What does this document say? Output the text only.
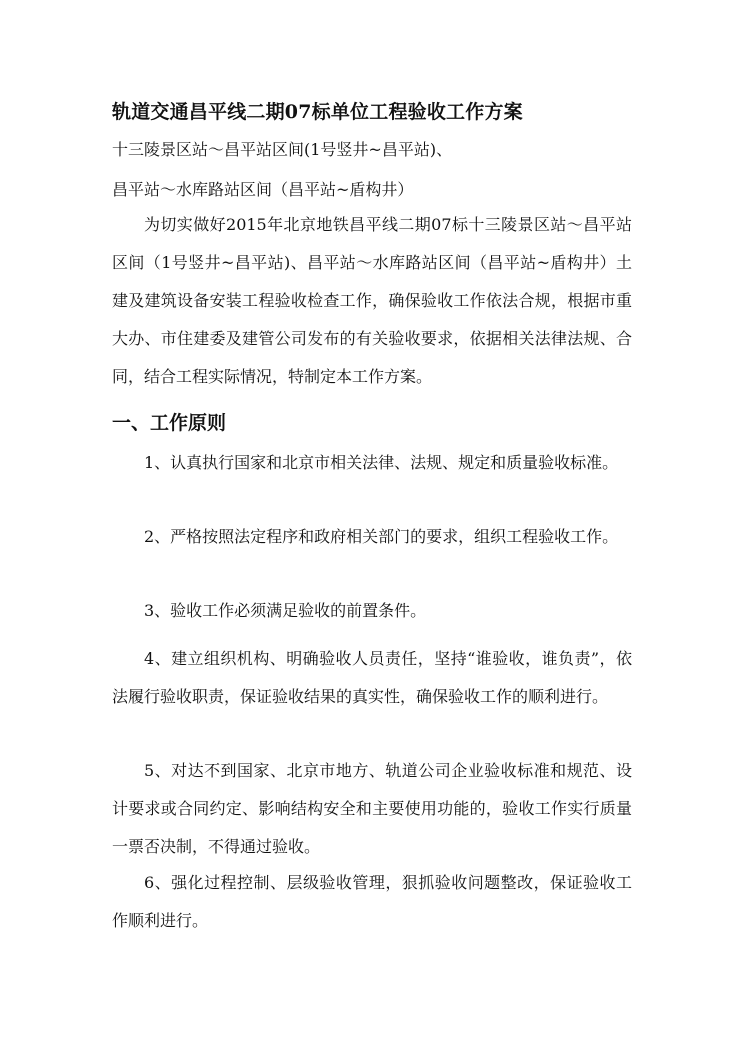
轨道交通昌平线二期07标单位工程验收工作方案
十三陵景区站～昌平站区间(1号竖井~昌平站)、
昌平站～水库路站区间（昌平站~盾构井）
为切实做好2015年北京地铁昌平线二期07标十三陵景区站～昌平站区间（1号竖井~昌平站)、昌平站～水库路站区间（昌平站~盾构井）土建及建筑设备安装工程验收检查工作，确保验收工作依法合规，根据市重大办、市住建委及建管公司发布的有关验收要求，依据相关法律法规、合同，结合工程实际情况，特制定本工作方案。
一、工作原则
1、认真执行国家和北京市相关法律、法规、规定和质量验收标准。
2、严格按照法定程序和政府相关部门的要求，组织工程验收工作。
3、验收工作必须满足验收的前置条件。
4、建立组织机构、明确验收人员责任，坚持“谁验收，谁负责”，依法履行验收职责，保证验收结果的真实性，确保验收工作的顺利进行。
5、对达不到国家、北京市地方、轨道公司企业验收标准和规范、设计要求或合同约定、影响结构安全和主要使用功能的，验收工作实行质量一票否决制，不得通过验收。
6、强化过程控制、层级验收管理，狠抓验收问题整改，保证验收工作顺利进行。
